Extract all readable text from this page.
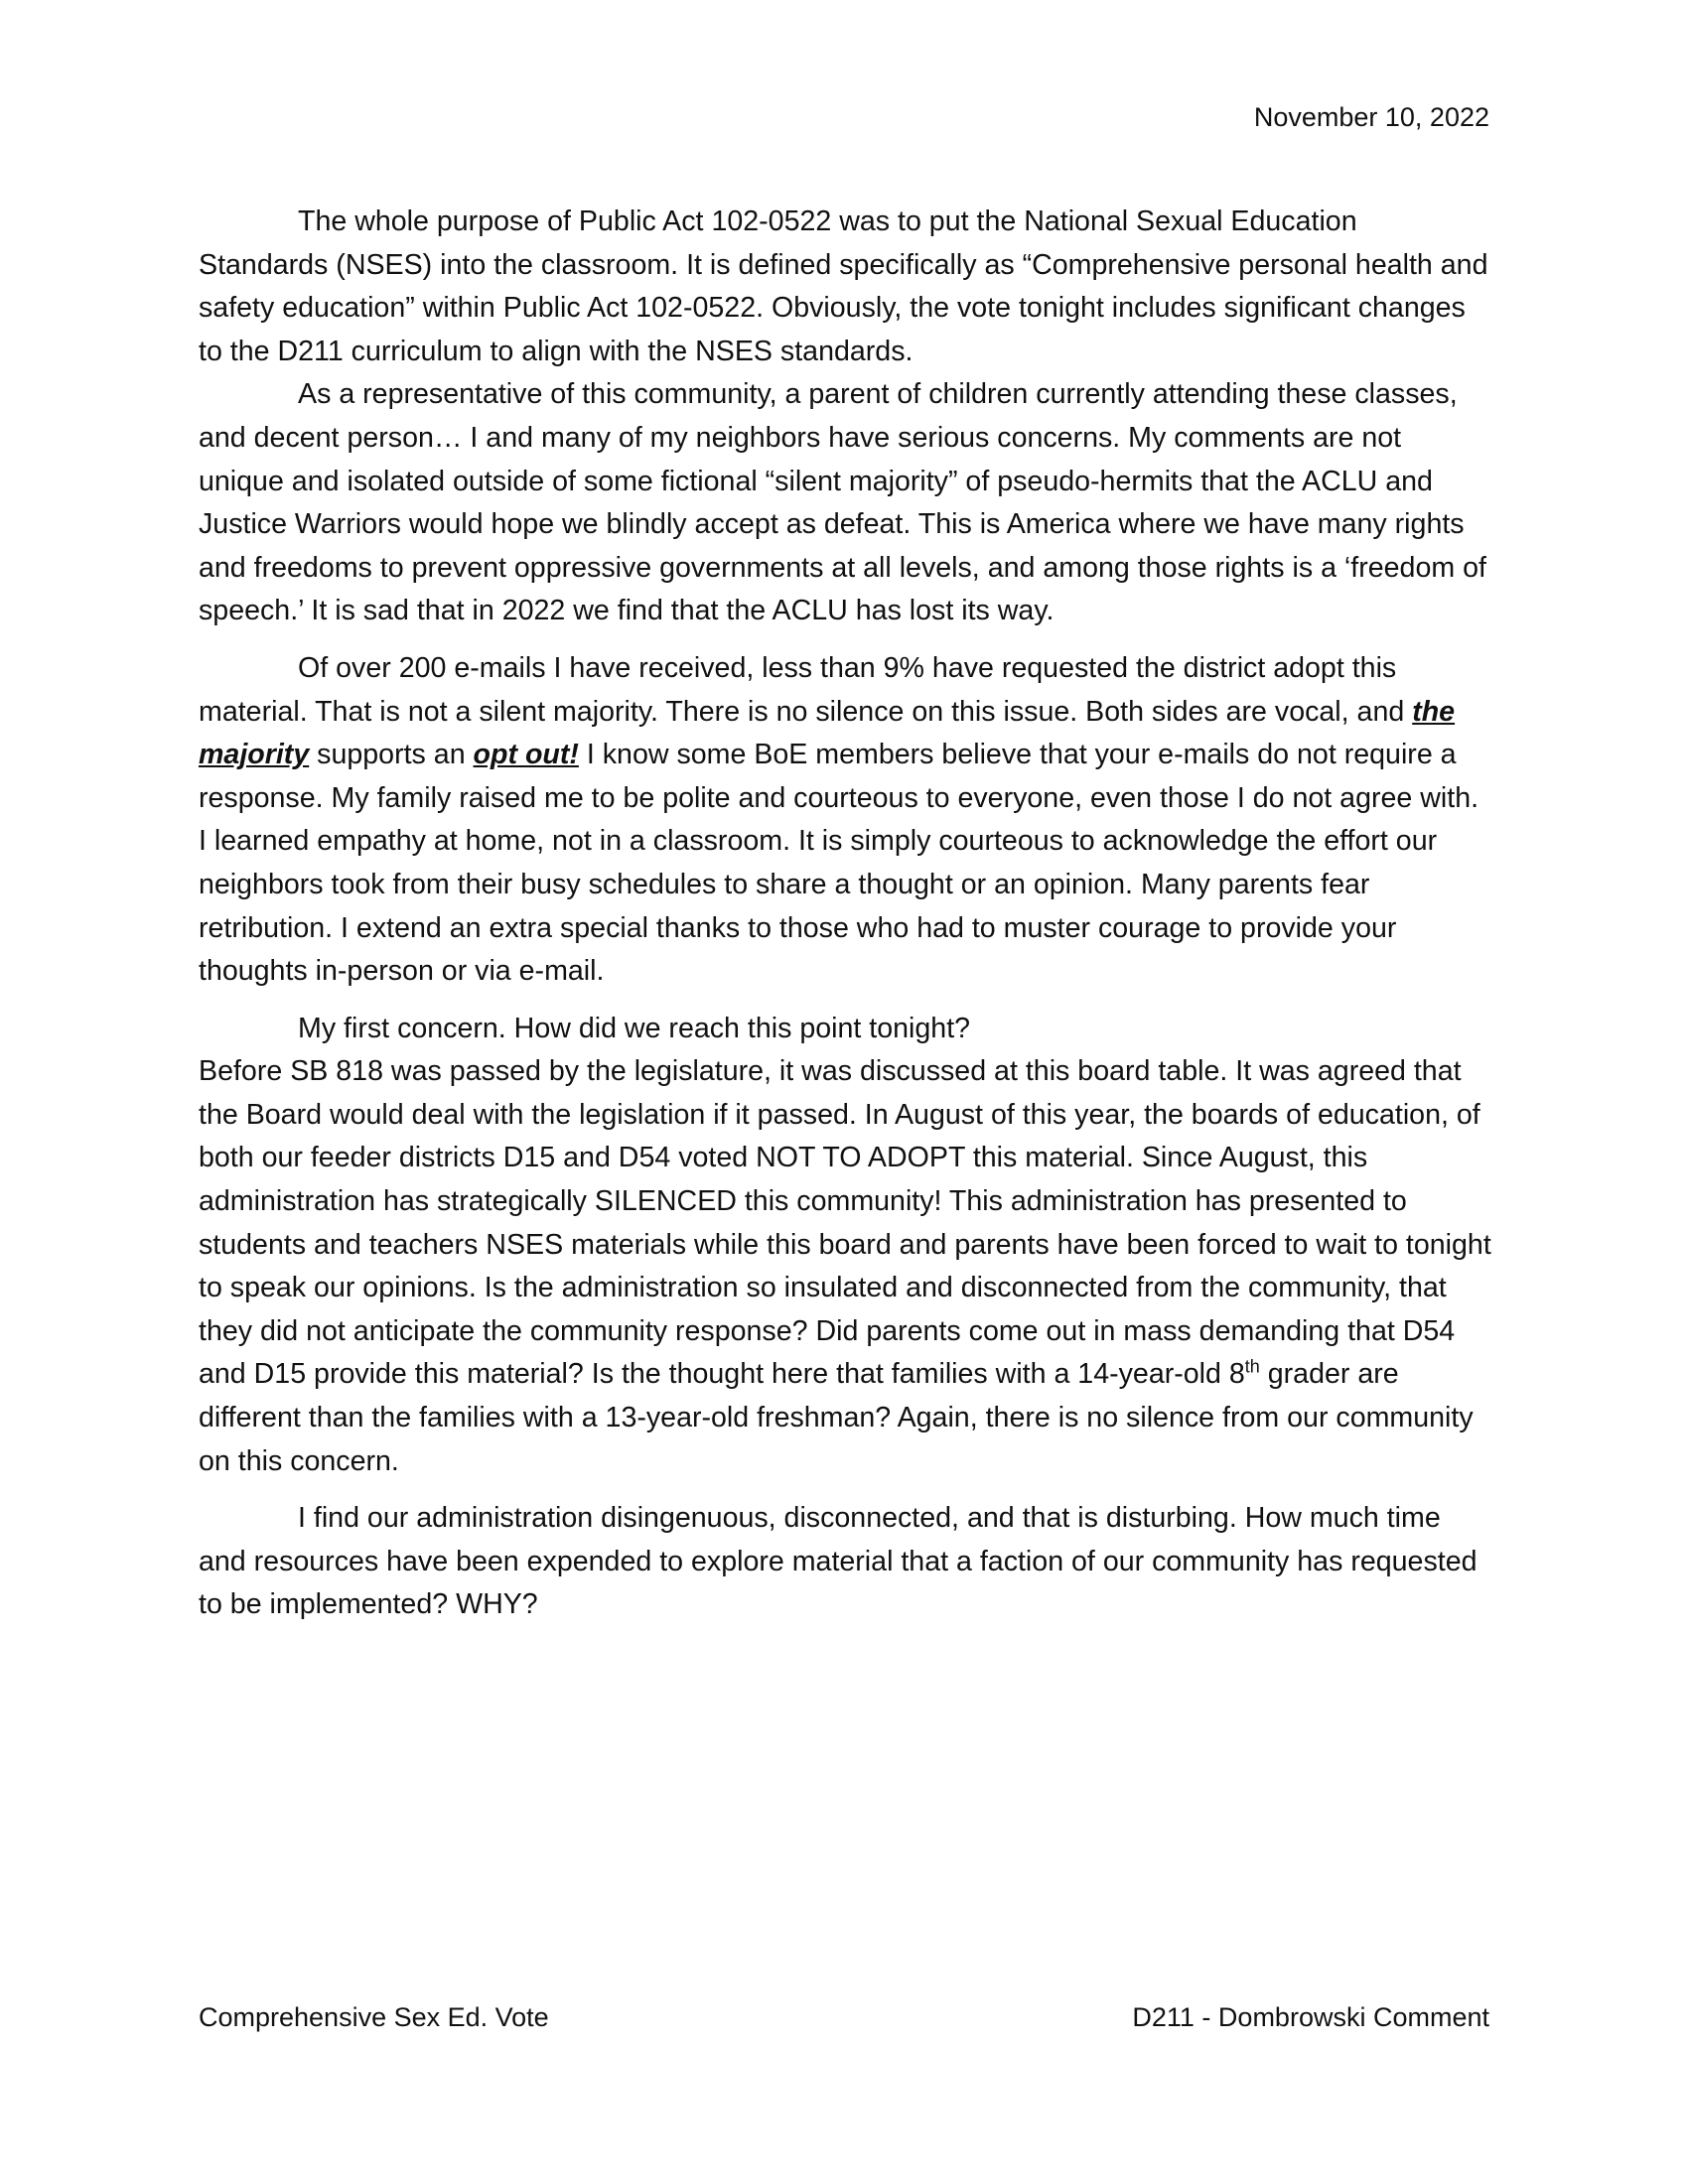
November 10, 2022

The whole purpose of Public Act 102-0522 was to put the National Sexual Education Standards (NSES) into the classroom. It is defined specifically as “Comprehensive personal health and safety education” within Public Act 102-0522. Obviously, the vote tonight includes significant changes to the D211 curriculum to align with the NSES standards.

As a representative of this community, a parent of children currently attending these classes, and decent person… I and many of my neighbors have serious concerns. My comments are not unique and isolated outside of some fictional “silent majority” of pseudo-hermits that the ACLU and Justice Warriors would hope we blindly accept as defeat. This is America where we have many rights and freedoms to prevent oppressive governments at all levels, and among those rights is a ‘freedom of speech.’ It is sad that in 2022 we find that the ACLU has lost its way.

Of over 200 e-mails I have received, less than 9% have requested the district adopt this material. That is not a silent majority. There is no silence on this issue. Both sides are vocal, and the majority supports an opt out! I know some BoE members believe that your e-mails do not require a response. My family raised me to be polite and courteous to everyone, even those I do not agree with. I learned empathy at home, not in a classroom. It is simply courteous to acknowledge the effort our neighbors took from their busy schedules to share a thought or an opinion. Many parents fear retribution. I extend an extra special thanks to those who had to muster courage to provide your thoughts in-person or via e-mail.

My first concern. How did we reach this point tonight?

Before SB 818 was passed by the legislature, it was discussed at this board table. It was agreed that the Board would deal with the legislation if it passed. In August of this year, the boards of education, of both our feeder districts D15 and D54 voted NOT TO ADOPT this material. Since August, this administration has strategically SILENCED this community! This administration has presented to students and teachers NSES materials while this board and parents have been forced to wait to tonight to speak our opinions. Is the administration so insulated and disconnected from the community, that they did not anticipate the community response? Did parents come out in mass demanding that D54 and D15 provide this material? Is the thought here that families with a 14-year-old 8th grader are different than the families with a 13-year-old freshman? Again, there is no silence from our community on this concern.

I find our administration disingenuous, disconnected, and that is disturbing. How much time and resources have been expended to explore material that a faction of our community has requested to be implemented? WHY?

Comprehensive Sex Ed. Vote	D211 - Dombrowski Comment
